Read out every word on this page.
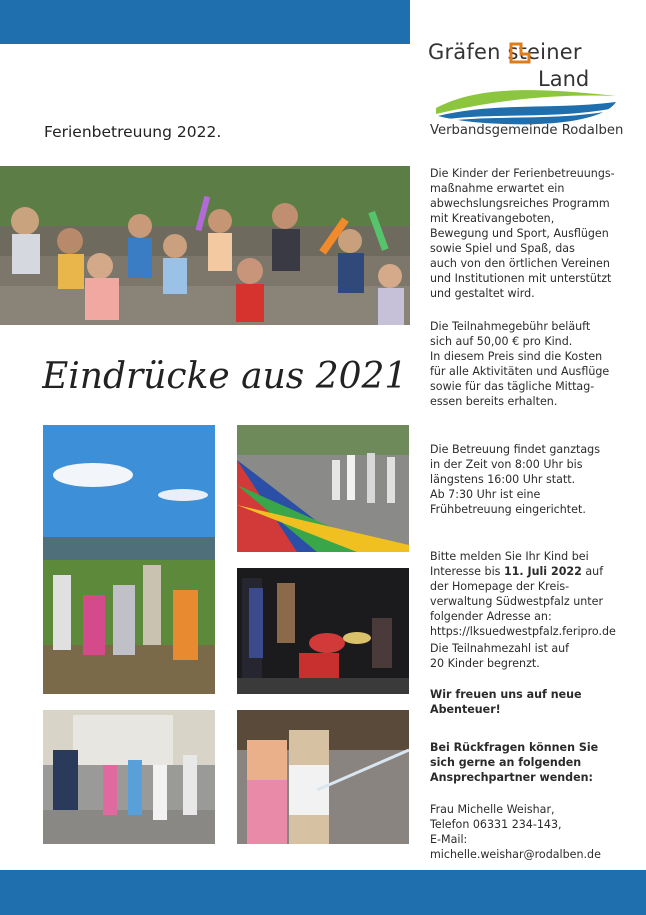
Gräfen steiner
Land
Verbandsgemeinde Rodalben
Ferienbetreuung 2022.
Eindrücke aus 2021

Die Kinder der Ferienbetreuungs-
maßnahme erwartet ein
abwechslungsreiches Programm
mit Kreativangeboten,
Bewegung und Sport, Ausflügen
sowie Spiel und Spaß, das
auch von den örtlichen Vereinen
und Institutionen mit unterstützt
und gestaltet wird.

Die Teilnahmegebühr beläuft
sich auf 50,00 € pro Kind.
In diesem Preis sind die Kosten
für alle Aktivitäten und Ausflüge
sowie für das tägliche Mittag-
essen bereits erhalten.

Die Betreuung findet ganztags
in der Zeit von 8:00 Uhr bis
längstens 16:00 Uhr statt.
Ab 7:30 Uhr ist eine
Frühbetreuung eingerichtet.

Bitte melden Sie Ihr Kind bei
Interesse bis 11. Juli 2022 auf
der Homepage der Kreis-
verwaltung Südwestpfalz unter
folgender Adresse an:
https://lksuedwestpfalz.feripro.de

Die Teilnahmezahl ist auf
20 Kinder begrenzt.

Wir freuen uns auf neue Abenteuer!

Bei Rückfragen können Sie
sich gerne an folgenden
Ansprechpartner wenden:

Frau Michelle Weishar,
Telefon 06331 234-143,
E-Mail: michelle.weishar@rodalben.de
